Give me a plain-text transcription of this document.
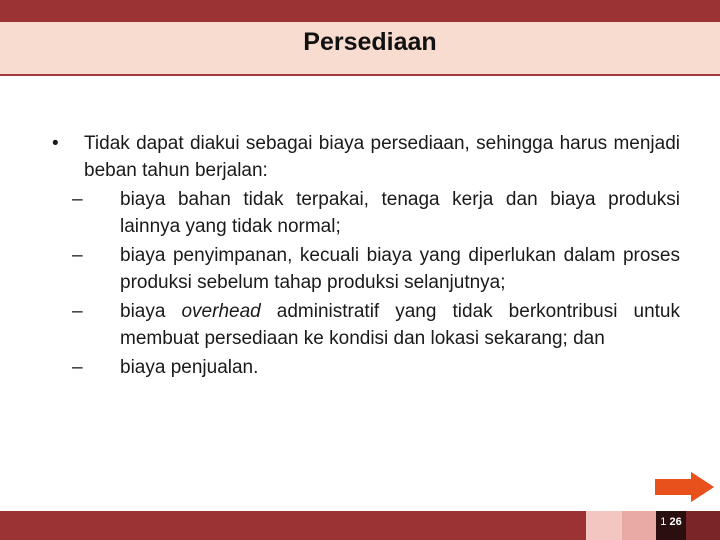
Persediaan
•	Tidak dapat diakui sebagai biaya persediaan, sehingga harus menjadi beban tahun berjalan:
–	biaya bahan tidak terpakai, tenaga kerja dan biaya produksi lainnya yang tidak normal;
–	biaya penyimpanan, kecuali biaya yang diperlukan dalam proses produksi sebelum tahap produksi selanjutnya;
–	biaya overhead administratif yang tidak berkontribusi untuk membuat persediaan ke kondisi dan lokasi sekarang; dan
–	biaya penjualan.
1 26
